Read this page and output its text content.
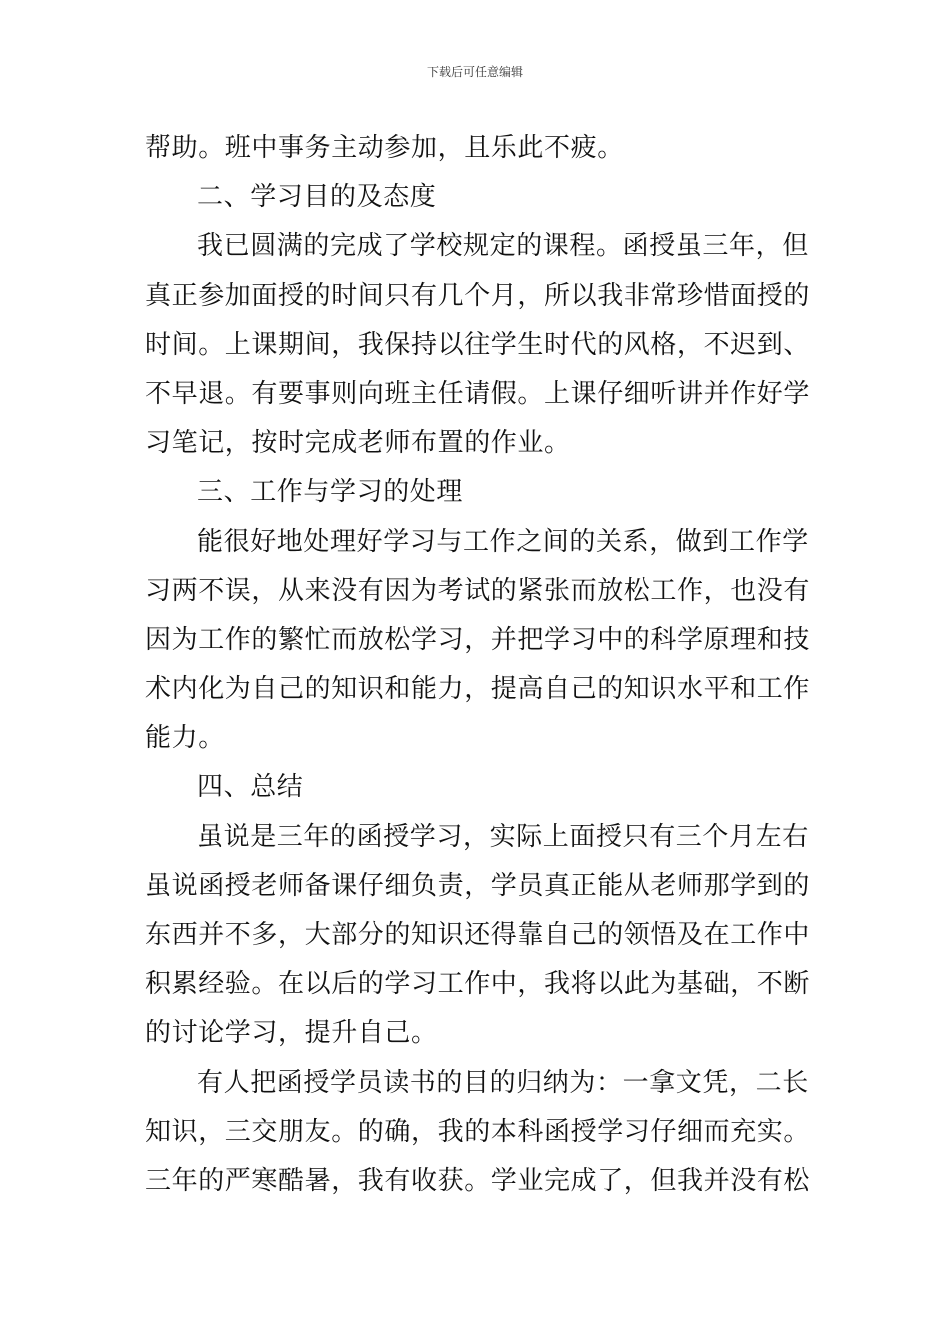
下载后可任意编辑
帮助。班中事务主动参加，且乐此不疲。
二、学习目的及态度
我已圆满的完成了学校规定的课程。函授虽三年，但
真正参加面授的时间只有几个月，所以我非常珍惜面授的
时间。上课期间，我保持以往学生时代的风格，不迟到、
不早退。有要事则向班主任请假。上课仔细听讲并作好学
习笔记，按时完成老师布置的作业。
三、工作与学习的处理
能很好地处理好学习与工作之间的关系，做到工作学
习两不误，从来没有因为考试的紧张而放松工作，也没有
因为工作的繁忙而放松学习，并把学习中的科学原理和技
术内化为自己的知识和能力，提高自己的知识水平和工作
能力。
四、总结
虽说是三年的函授学习，实际上面授只有三个月左右
虽说函授老师备课仔细负责，学员真正能从老师那学到的
东西并不多，大部分的知识还得靠自己的领悟及在工作中
积累经验。在以后的学习工作中，我将以此为基础，不断
的讨论学习，提升自己。
有人把函授学员读书的目的归纳为：一拿文凭，二长
知识，三交朋友。的确，我的本科函授学习仔细而充实。
三年的严寒酷暑，我有收获。学业完成了，但我并没有松
